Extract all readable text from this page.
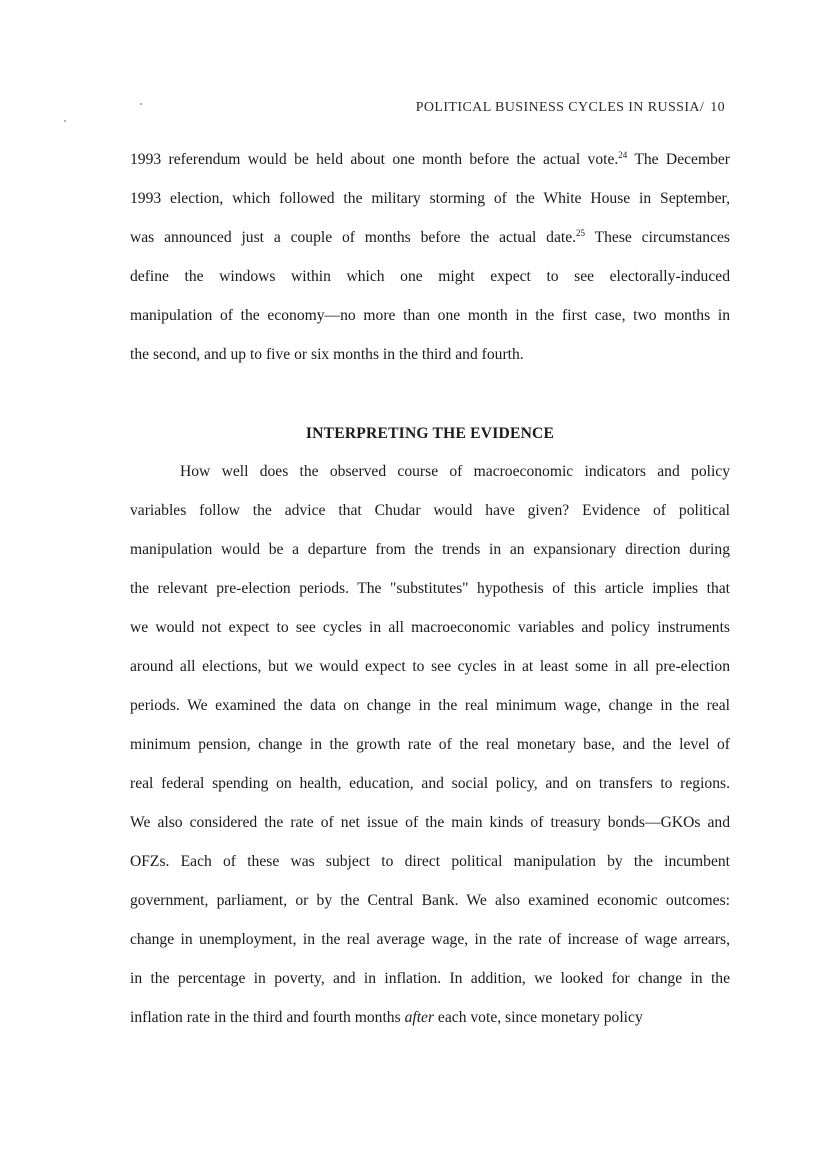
POLITICAL BUSINESS CYCLES IN RUSSIA/ 10
1993 referendum would be held about one month before the actual vote.$^{24}$ The December
1993 election, which followed the military storming of the White House in September,
was announced just a couple of months before the actual date.$^{25}$ These circumstances
define the windows within which one might expect to see electorally-induced
manipulation of the economy—no more than one month in the first case, two months in
the second, and up to five or six months in the third and fourth.
INTERPRETING THE EVIDENCE
How well does the observed course of macroeconomic indicators and policy
variables follow the advice that Chudar would have given? Evidence of political
manipulation would be a departure from the trends in an expansionary direction during
the relevant pre-election periods. The "substitutes" hypothesis of this article implies that
we would not expect to see cycles in all macroeconomic variables and policy instruments
around all elections, but we would expect to see cycles in at least some in all pre-election
periods. We examined the data on change in the real minimum wage, change in the real
minimum pension, change in the growth rate of the real monetary base, and the level of
real federal spending on health, education, and social policy, and on transfers to regions.
We also considered the rate of net issue of the main kinds of treasury bonds—GKOs and
OFZs. Each of these was subject to direct political manipulation by the incumbent
government, parliament, or by the Central Bank. We also examined economic outcomes:
change in unemployment, in the real average wage, in the rate of increase of wage arrears,
in the percentage in poverty, and in inflation. In addition, we looked for change in the
inflation rate in the third and fourth months after each vote, since monetary policy
